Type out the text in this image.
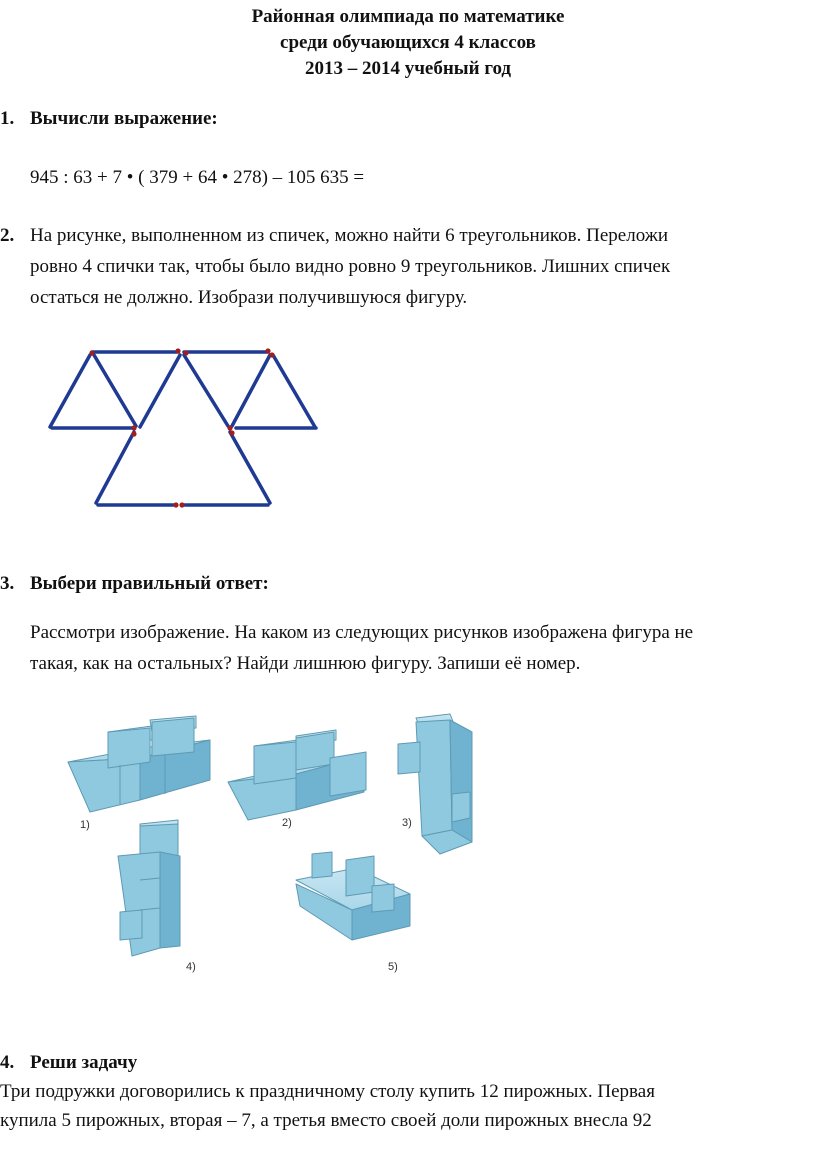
Районная олимпиада по математике
среди обучающихся 4 классов
2013 – 2014 учебный год
1. Вычисли выражение:
945 : 63 + 7 • ( 379 + 64 • 278) – 105 635 =
2. На рисунке, выполненном из спичек, можно найти 6 треугольников. Переложи
ровно 4 спички так, чтобы было видно ровно 9 треугольников. Лишних спичек
остаться не должно. Изобрази получившуюся фигуру.
3. Выбери правильный ответ:
Рассмотри изображение. На каком из следующих рисунков изображена фигура не
такая, как на остальных? Найди лишнюю фигуру. Запиши её номер.
1)	2)	3)
4)	5)
4. Реши задачу
Три подружки договорились к праздничному столу купить 12 пирожных. Первая
купила 5 пирожных, вторая – 7, а третья вместо своей доли пирожных внесла 92
